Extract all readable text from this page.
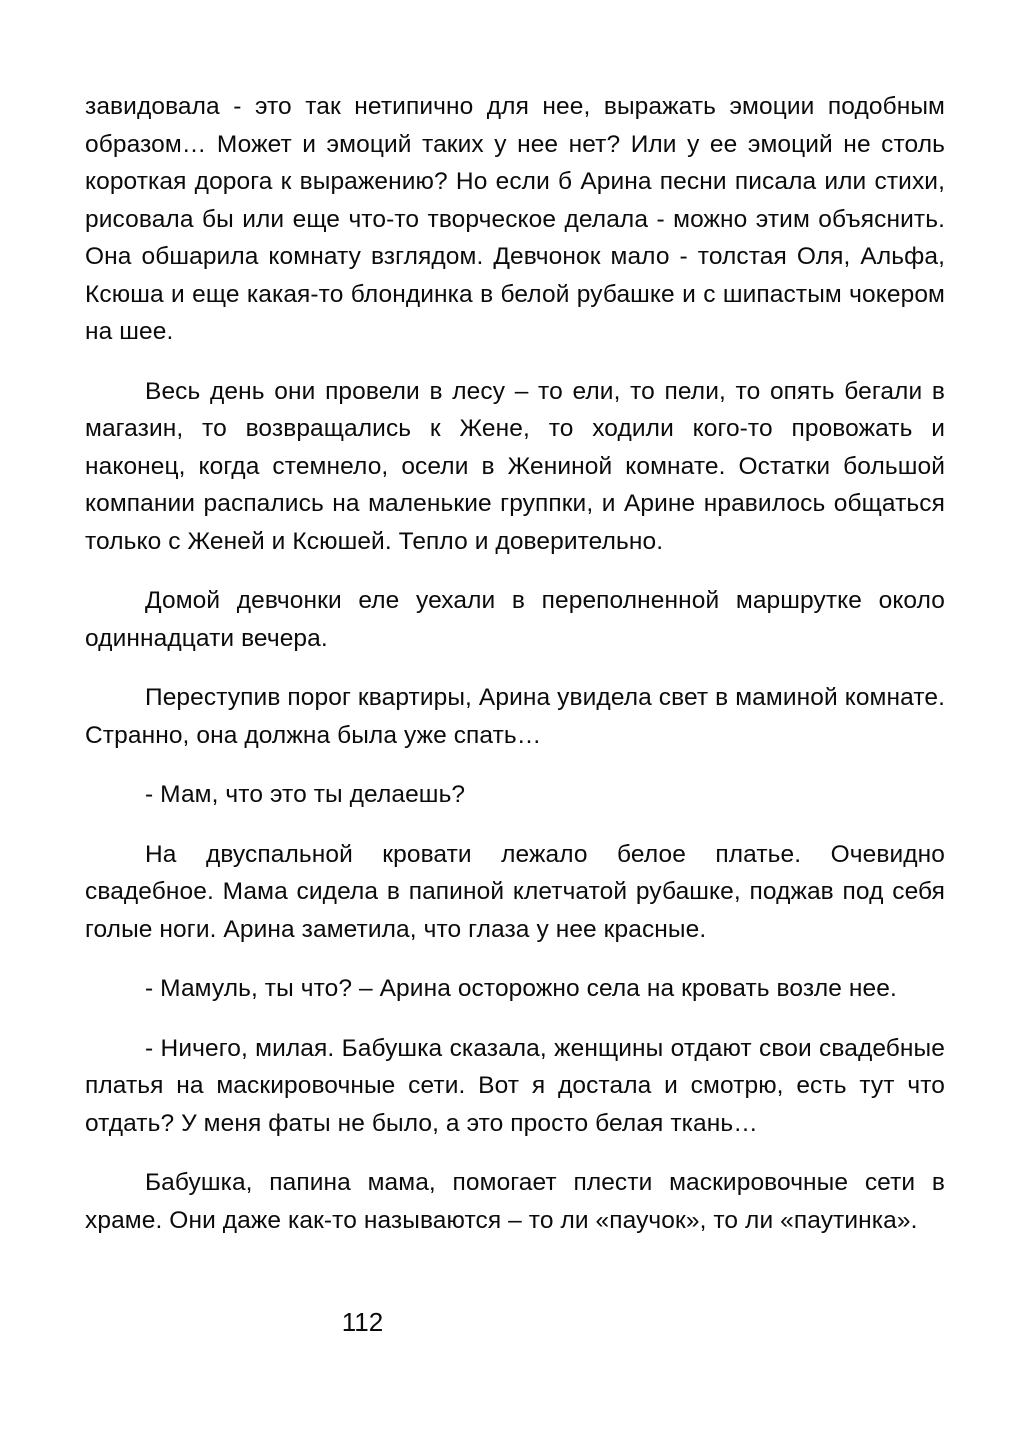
завидовала - это так нетипично для нее, выражать эмоции подобным образом… Может и эмоций таких у нее нет? Или у ее эмоций не столь короткая дорога к выражению? Но если б Арина песни писала или стихи, рисовала бы или еще что-то творческое делала - можно этим объяснить. Она обшарила комнату взглядом. Девчонок мало - толстая Оля, Альфа, Ксюша и еще какая-то блондинка в белой рубашке и с шипастым чокером на шее.

Весь день они провели в лесу – то ели, то пели, то опять бегали в магазин, то возвращались к Жене, то ходили кого-то провожать и наконец, когда стемнело, осели в Жениной комнате. Остатки большой компании распались на маленькие группки, и Арине нравилось общаться только с Женей и Ксюшей. Тепло и доверительно.

Домой девчонки еле уехали в переполненной маршрутке около одиннадцати вечера.

Переступив порог квартиры, Арина увидела свет в маминой комнате. Странно, она должна была уже спать…

- Мам, что это ты делаешь?

На двуспальной кровати лежало белое платье. Очевидно свадебное. Мама сидела в папиной клетчатой рубашке, поджав под себя голые ноги. Арина заметила, что глаза у нее красные.

- Мамуль, ты что? – Арина осторожно села на кровать возле нее.

- Ничего, милая. Бабушка сказала, женщины отдают свои свадебные платья на маскировочные сети. Вот я достала и смотрю, есть тут что отдать? У меня фаты не было, а это просто белая ткань…

Бабушка, папина мама, помогает плести маскировочные сети в храме. Они даже как-то называются – то ли «паучок», то ли «паутинка».

112
